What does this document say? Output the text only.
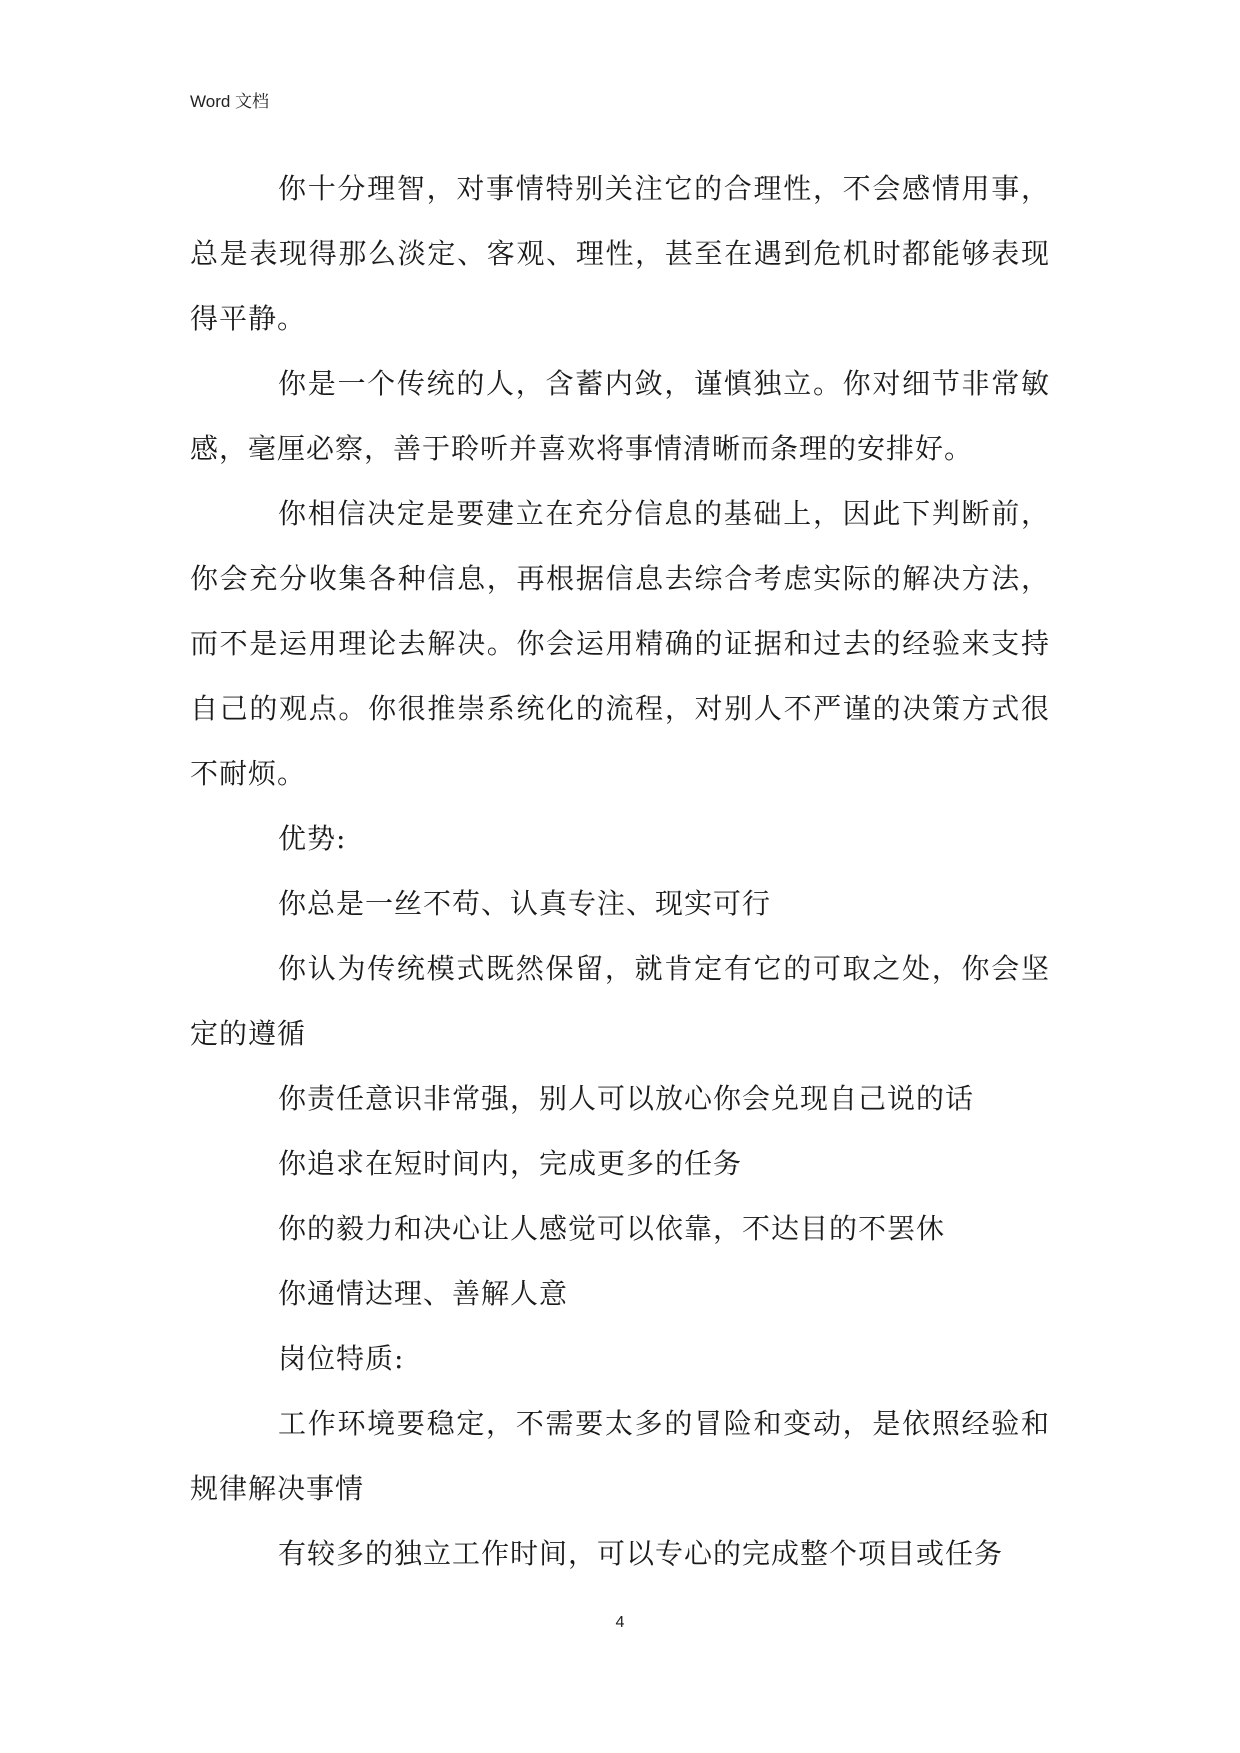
Word 文档

你十分理智，对事情特别关注它的合理性，不会感情用事，总是表现得那么淡定、客观、理性，甚至在遇到危机时都能够表现得平静。

你是一个传统的人，含蓄内敛，谨慎独立。你对细节非常敏感，毫厘必察，善于聆听并喜欢将事情清晰而条理的安排好。

你相信决定是要建立在充分信息的基础上，因此下判断前，你会充分收集各种信息，再根据信息去综合考虑实际的解决方法，而不是运用理论去解决。你会运用精确的证据和过去的经验来支持自己的观点。你很推崇系统化的流程，对别人不严谨的决策方式很不耐烦。

优势:

你总是一丝不苟、认真专注、现实可行

你认为传统模式既然保留，就肯定有它的可取之处，你会坚定的遵循

你责任意识非常强，别人可以放心你会兑现自己说的话

你追求在短时间内，完成更多的任务

你的毅力和决心让人感觉可以依靠，不达目的不罢休

你通情达理、善解人意

岗位特质:

工作环境要稳定，不需要太多的冒险和变动，是依照经验和规律解决事情

有较多的独立工作时间，可以专心的完成整个项目或任务

4
